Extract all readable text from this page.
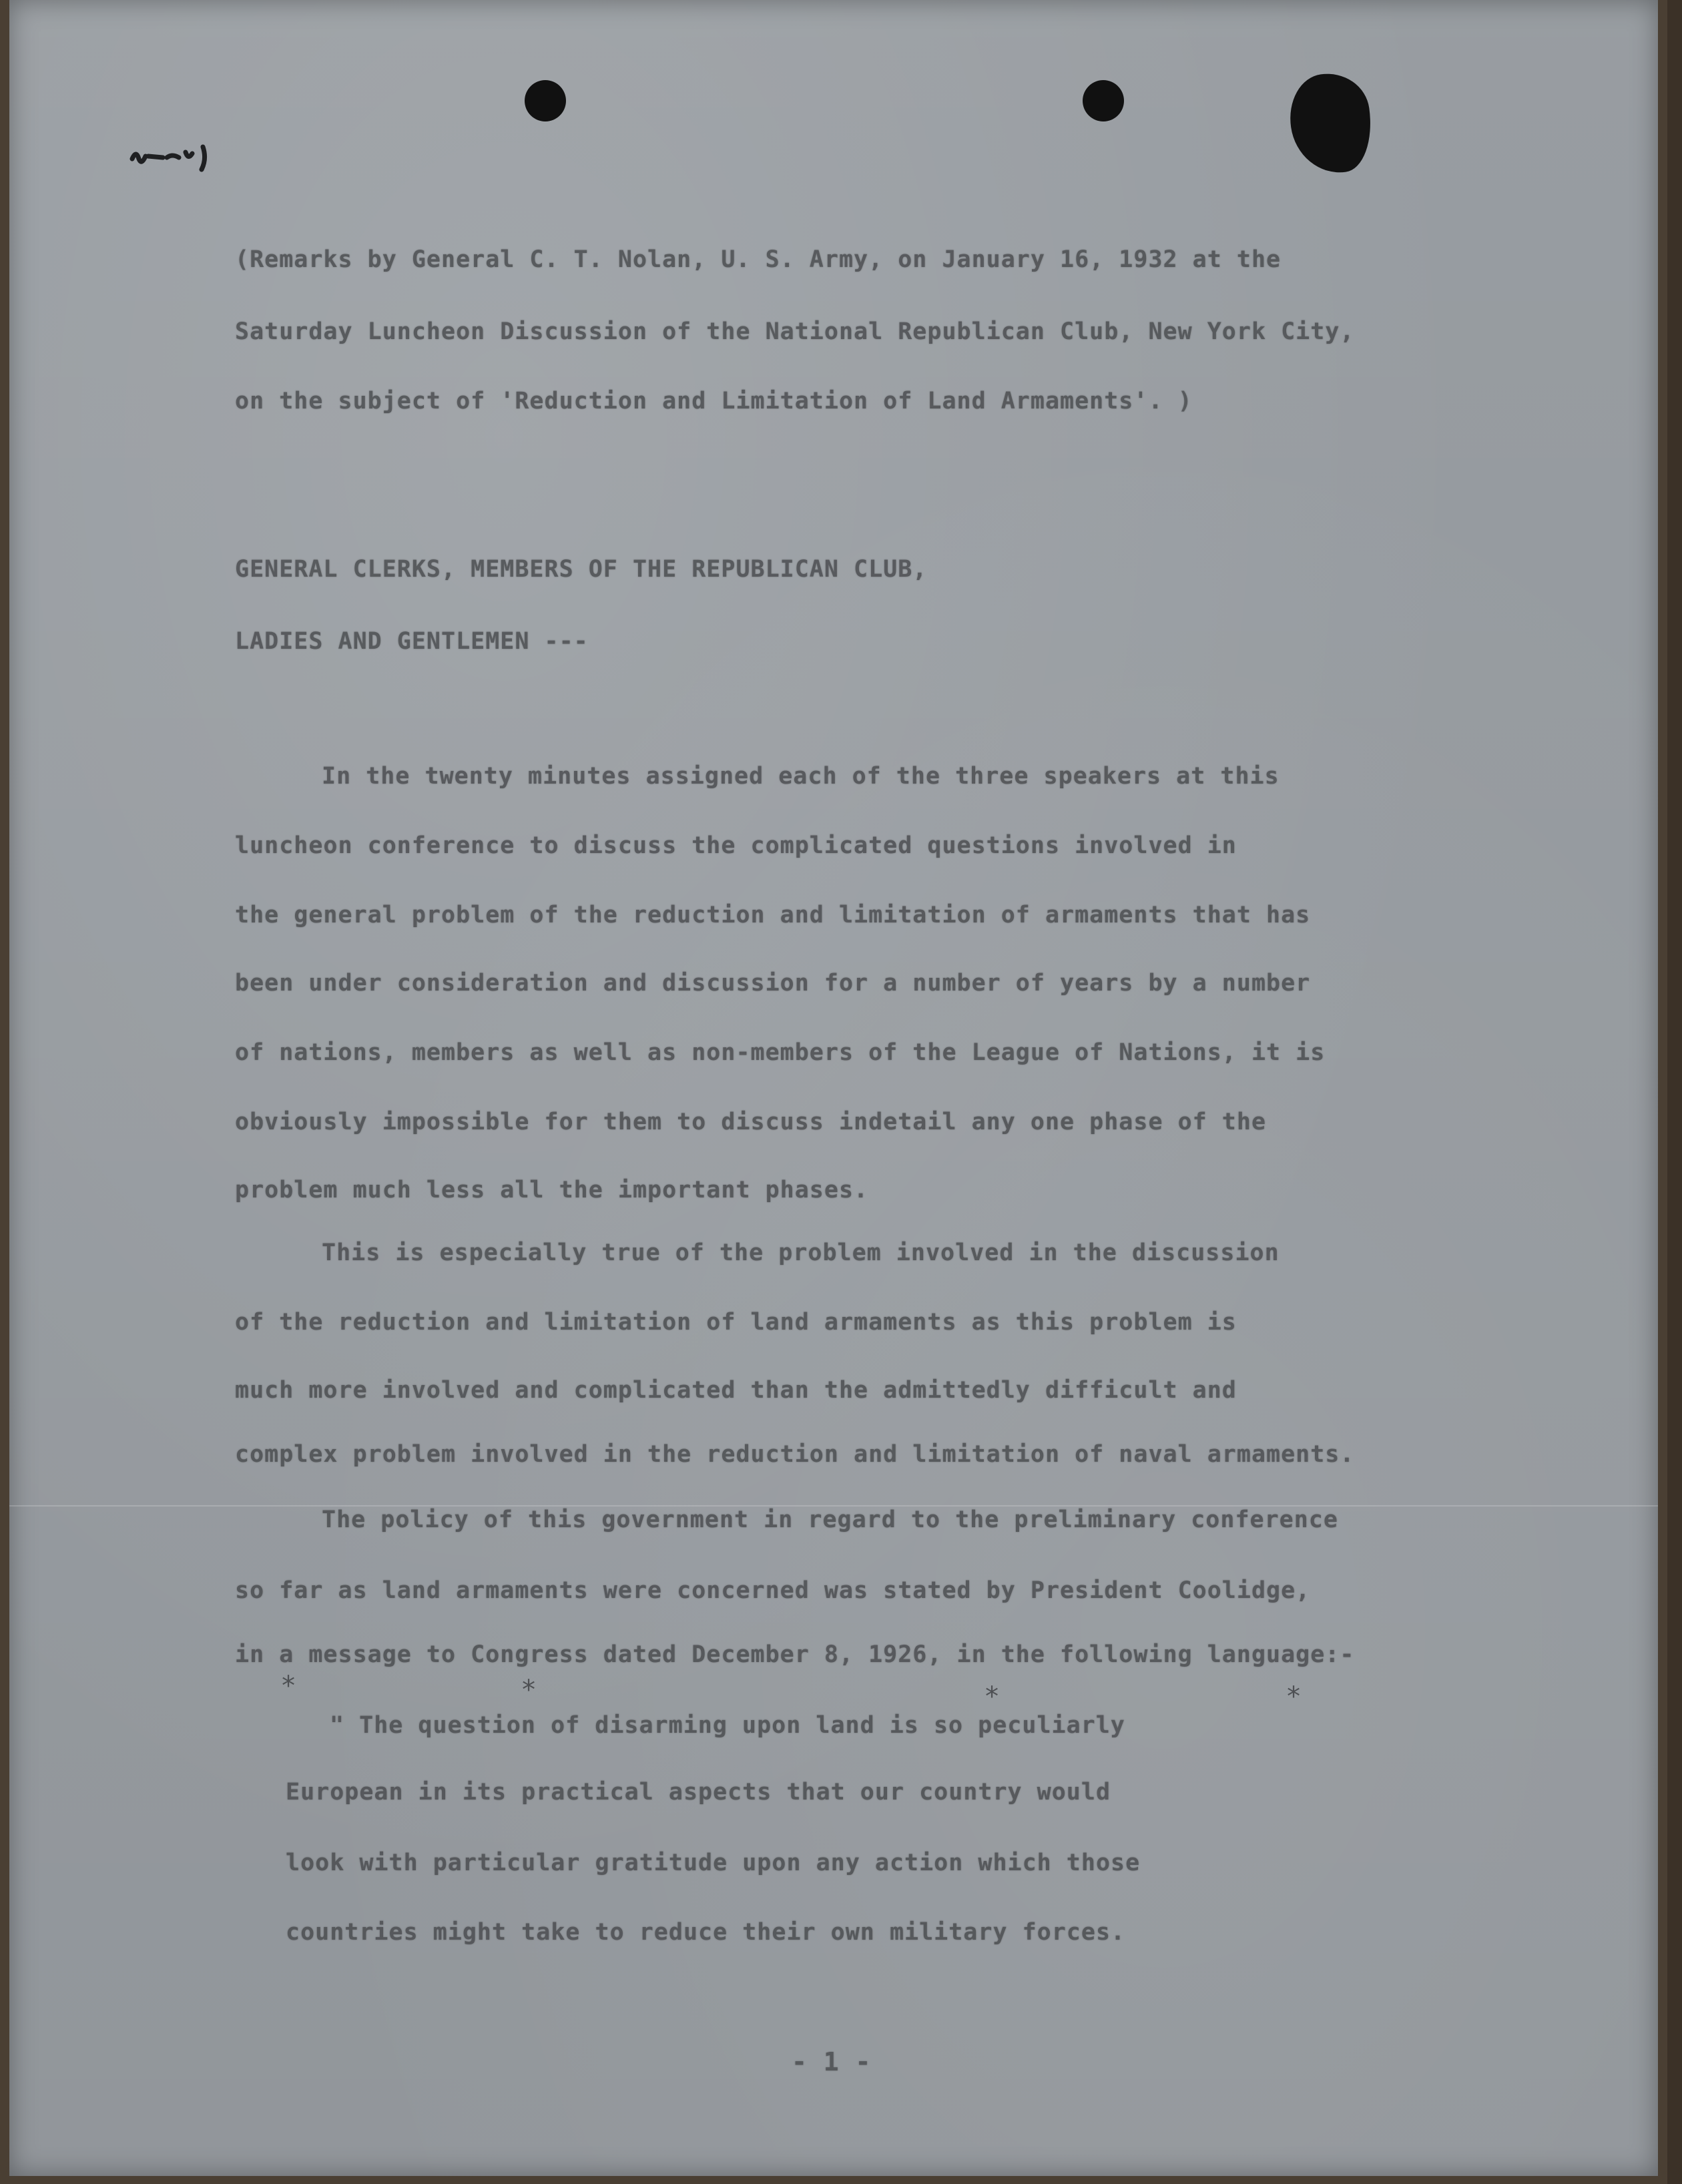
(Remarks by General C. T. Nolan, U. S. Army, on January 16, 1932 at the
Saturday Luncheon Discussion of the National Republican Club, New York City,
on the subject of 'Reduction and Limitation of Land Armaments'. )
GENERAL CLERKS, MEMBERS OF THE REPUBLICAN CLUB,
LADIES AND GENTLEMEN ---
In the twenty minutes assigned each of the three speakers at this
luncheon conference to discuss the complicated questions involved in
the general problem of the reduction and limitation of armaments that has
been under consideration and discussion for a number of years by a number
of nations, members as well as non-members of the League of Nations, it is
obviously impossible for them to discuss indetail any one phase of the
problem much less all the important phases.
This is especially true of the problem involved in the discussion
of the reduction and limitation of land armaments as this problem is
much more involved and complicated than the admittedly difficult and
complex problem involved in the reduction and limitation of naval armaments.
The policy of this government in regard to the preliminary conference
so far as land armaments were concerned was stated by President Coolidge,
in a message to Congress dated December 8, 1926, in the following language:-
*	*	*	*
" The question of disarming upon land is so peculiarly
European in its practical aspects that our country would
look with particular gratitude upon any action which those
countries might take to reduce their own military forces.
- 1 -
